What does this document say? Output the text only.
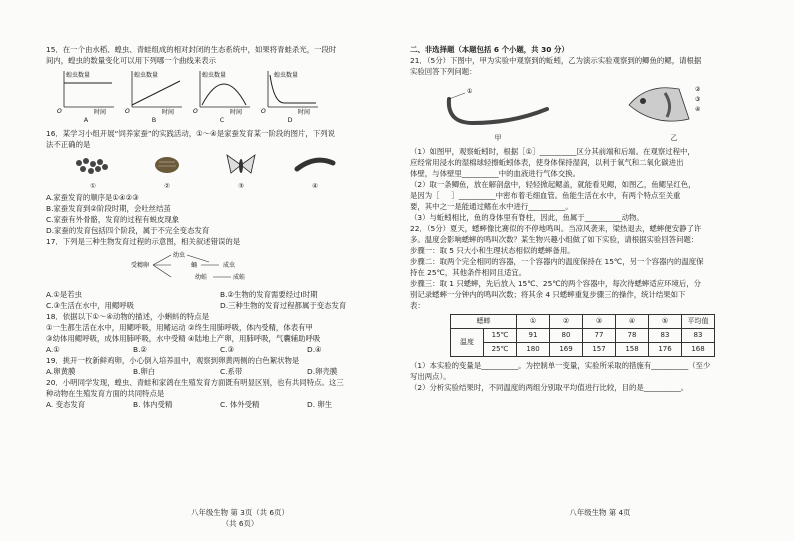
15．在一个由水稻、蝗虫、青蛙组成的相对封闭的生态系统中，如果将青蛙杀光，一段时

间内，蝗虫的数量变化可以用下列哪一个曲线来表示

蝗虫数量
时间
O
A
蝗虫数量
时间
O
B
蝗虫数量
时间
O
C
蝗虫数量
时间
O
D

16．某学习小组开展“饲养家蚕”的实践活动，①～④是家蚕发育某一阶段的图片，下列说

法不正确的是

①	②	③	④

A.家蚕发育的顺序是①④②③

B.家蚕发育到②阶段时期，会吐丝结茧

C.家蚕有外骨骼，发育的过程有蜕皮现象

D.家蚕的发育包括四个阶段，属于不完全变态发育

17．下列是三种生物发育过程的示意图，相关叙述错误的是

受精卵
幼虫
蛹
幼蛙
成虫
成蛙
A.①是若虫	B.②生物的发育需要经过Ⅰ时期
C.③生活在水中，用鳃呼吸	D.三种生物的发育过程都属于变态发育

18．依据以下①～④动物的描述，小蝌蚪的特点是

①一生都生活在水中，用鳃呼吸，用鳍运动 ②终生用肺呼吸，体内受精，体表有甲

③幼体用鳃呼吸，成体用肺呼吸，水中受精 ④陆地上产卵，用肺呼吸，气囊辅助呼吸

A.①	B.②	C.③	D.④

19．挑开一枚新鲜鸡卵，小心倒入培养皿中，观察到卵黄两侧的白色絮状物是

A.卵黄膜	B.卵白	C.系带	D.卵壳膜

20．小明同学发现，蝗虫、青蛙和家鸽在生殖发育方面既有明显区别，也有共同特点。这三

种动物在生殖发育方面的共同特点是

A. 变态发育	B. 体内受精	C. 体外受精	D. 卵生
八年级生物 第 3页（共 6页）
（共 6页）

二、非选择题（本题包括 6 个小题，共 30 分）

21．（5分）下图中，甲为实验中观察到的蚯蚓，乙为演示实验观察到的鲫鱼的鳃，请根据

实验回答下列问题：

①
甲
②
③
④
乙

（1）如图甲，观察蚯蚓时，根据［①］__________区分其前端和后端。在观察过程中，

应经常用浸水的湿棉球轻擦蚯蚓体表，使身体保持湿润，以利于氧气和二氧化碳进出

体壁，与体壁里__________中的血液进行气体交换。

（2）取一条鲫鱼，放在解剖盘中，轻轻掀起鳃盖，就能看见鳃，如图乙，鱼鳃呈红色，

是因为［     ］__________中密布着毛细血管。鱼能生活在水中，有两个特点至关重

要，其中之一是能通过鳍在水中进行__________。

（3）与蚯蚓相比，鱼的身体里有脊柱，因此，鱼属于__________动物。

22．（5分）夏天，蟋蟀像比赛似的不停地鸣叫。当凉风袭来，梁热退去，蟋蟀便安静了许

多。温度会影响蟋蟀的鸣叫次数？某生物兴趣小组做了如下实验，请根据实验回答问题：

步骤一：取 5 只大小和生理状态相似的蟋蟀备用。

步骤二：取两个完全相同的容器，一个容器内的温度保持在 15℃，另一个容器内的温度保

持在 25℃，其他条件相同且适宜。

步骤三：取 1 只蟋蟀，先后放入 15℃、25℃的两个容器中，每次待蟋蟀适应环境后，分

别记录蟋蟀一分钟内的鸣叫次数；将其余 4 只蟋蟀重复步骤三的操作，统计结果如下

表：

蟋蟀		①	②	③	④	⑤	平均值
温度	15℃	91	80	77	78	83	83
	25℃	180	169	157	158	176	168

（1）本实验的变量是__________。为控制单一变量，实验所采取的措施有__________（至少

写出两点）。

（2）分析实验结果时，不同温度的两组分别取平均值进行比较，目的是__________。

八年级生物 第 4页
